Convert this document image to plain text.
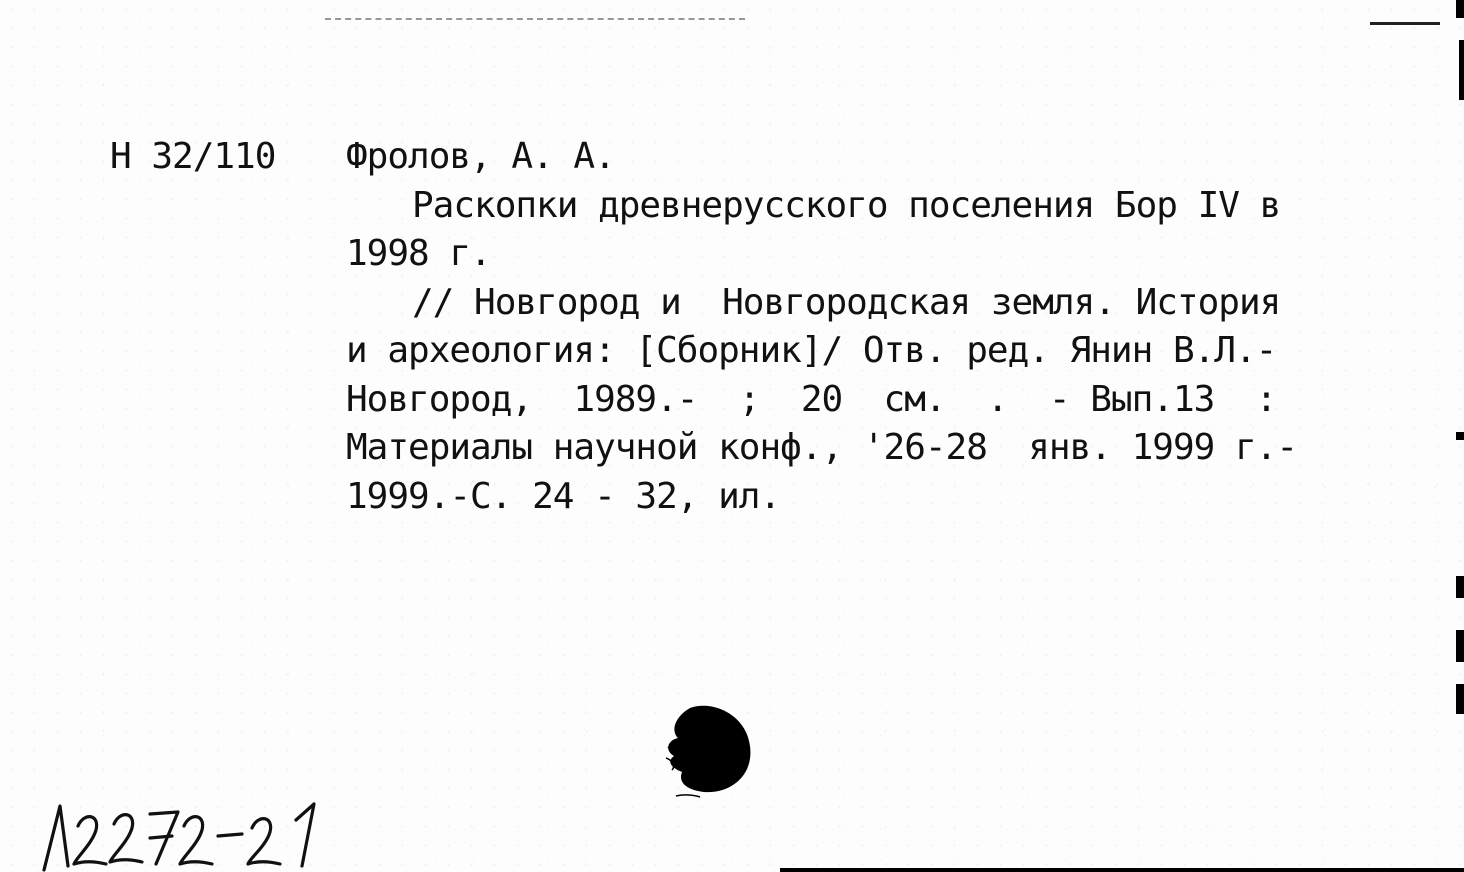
H 32/110 Фролов, А. А.
Раскопки древнерусского поселения Бор IV в
1998 г.
// Новгород и  Новгородская земля. История
и археология: [Сборник]/ Отв. ред. Янин В.Л.-
Новгород,  1989.-  ;  20  см.  .  - Вып.13  :
Материалы научной конф., '26-28  янв. 1999 г.-
1999.-С. 24 - 32, ил.
